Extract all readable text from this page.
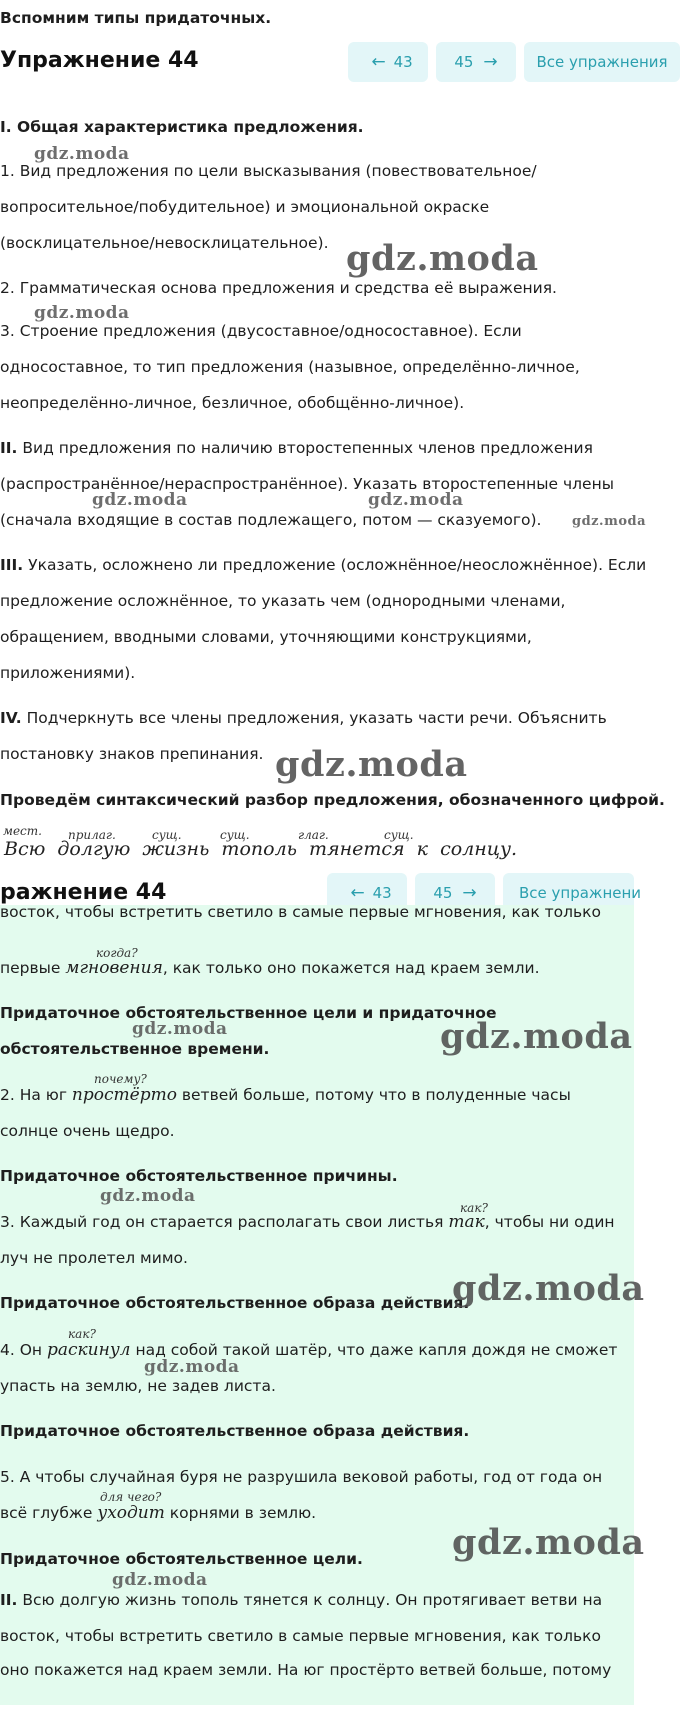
Вспомним типы придаточных.
Упражнение 44	← 43	45 →	Все упражнения
I. Общая характеристика предложения.
gdz.moda
1. Вид предложения по цели высказывания (повествовательное/
вопросительное/побудительное) и эмоциональной окраске
(восклицательное/невосклицательное). gdz.moda
2. Грамматическая основа предложения и средства её выражения.
gdz.moda
3. Строение предложения (двусоставное/односоставное). Если
односоставное, то тип предложения (назывное, определённо-личное,
неопределённо-личное, безличное, обобщённо-личное).
II. Вид предложения по наличию второстепенных членов предложения
(распространённое/нераспространённое). Указать второстепенные члены
gdz.moda	gdz.moda
(сначала входящие в состав подлежащего, потом — сказуемого). gdz.moda
III. Указать, осложнено ли предложение (осложнённое/неосложнённое). Если
предложение осложнённое, то указать чем (однородными членами,
обращением, вводными словами, уточняющими конструкциями,
приложениями).
IV. Подчеркнуть все члены предложения, указать части речи. Объяснить
постановку знаков препинания. gdz.moda
Проведём синтаксический разбор предложения, обозначенного цифрой.
мест. прилаг.	сущ.	сущ.	глаг.	сущ.
Всю долгую жизнь тополь тянется к солнцу.
ражнение 44	← 43	45 →	Все упражнени
восток, чтобы встретить светило в самые первые мгновения, как только
когда?
первые мгновения, как только оно покажется над краем земли.
Придаточное обстоятельственное цели и придаточное
gdz.moda
обстоятельственное времени.	gdz.moda
почему?
2. На юг простёрто ветвей больше, потому что в полуденные часы
солнце очень щедро.
Придаточное обстоятельственное причины.
gdz.moda
как?
3. Каждый год он старается располагать свои листья так, чтобы ни один
луч не пролетел мимо.
Придаточное обстоятельственное образа действия.
gdz.moda
как?
4. Он раскинул над собой такой шатёр, что даже капля дождя не сможет
gdz.moda
упасть на землю, не задев листа.
Придаточное обстоятельственное образа действия.
5. А чтобы случайная буря не разрушила вековой работы, год от года он
для чего?
всё глубже уходит корнями в землю.
Придаточное обстоятельственное цели.	gdz.moda
gdz.moda
II. Всю долгую жизнь тополь тянется к солнцу. Он протягивает ветви на
восток, чтобы встретить светило в самые первые мгновения, как только
оно покажется над краем земли. На юг простёрто ветвей больше, потому
